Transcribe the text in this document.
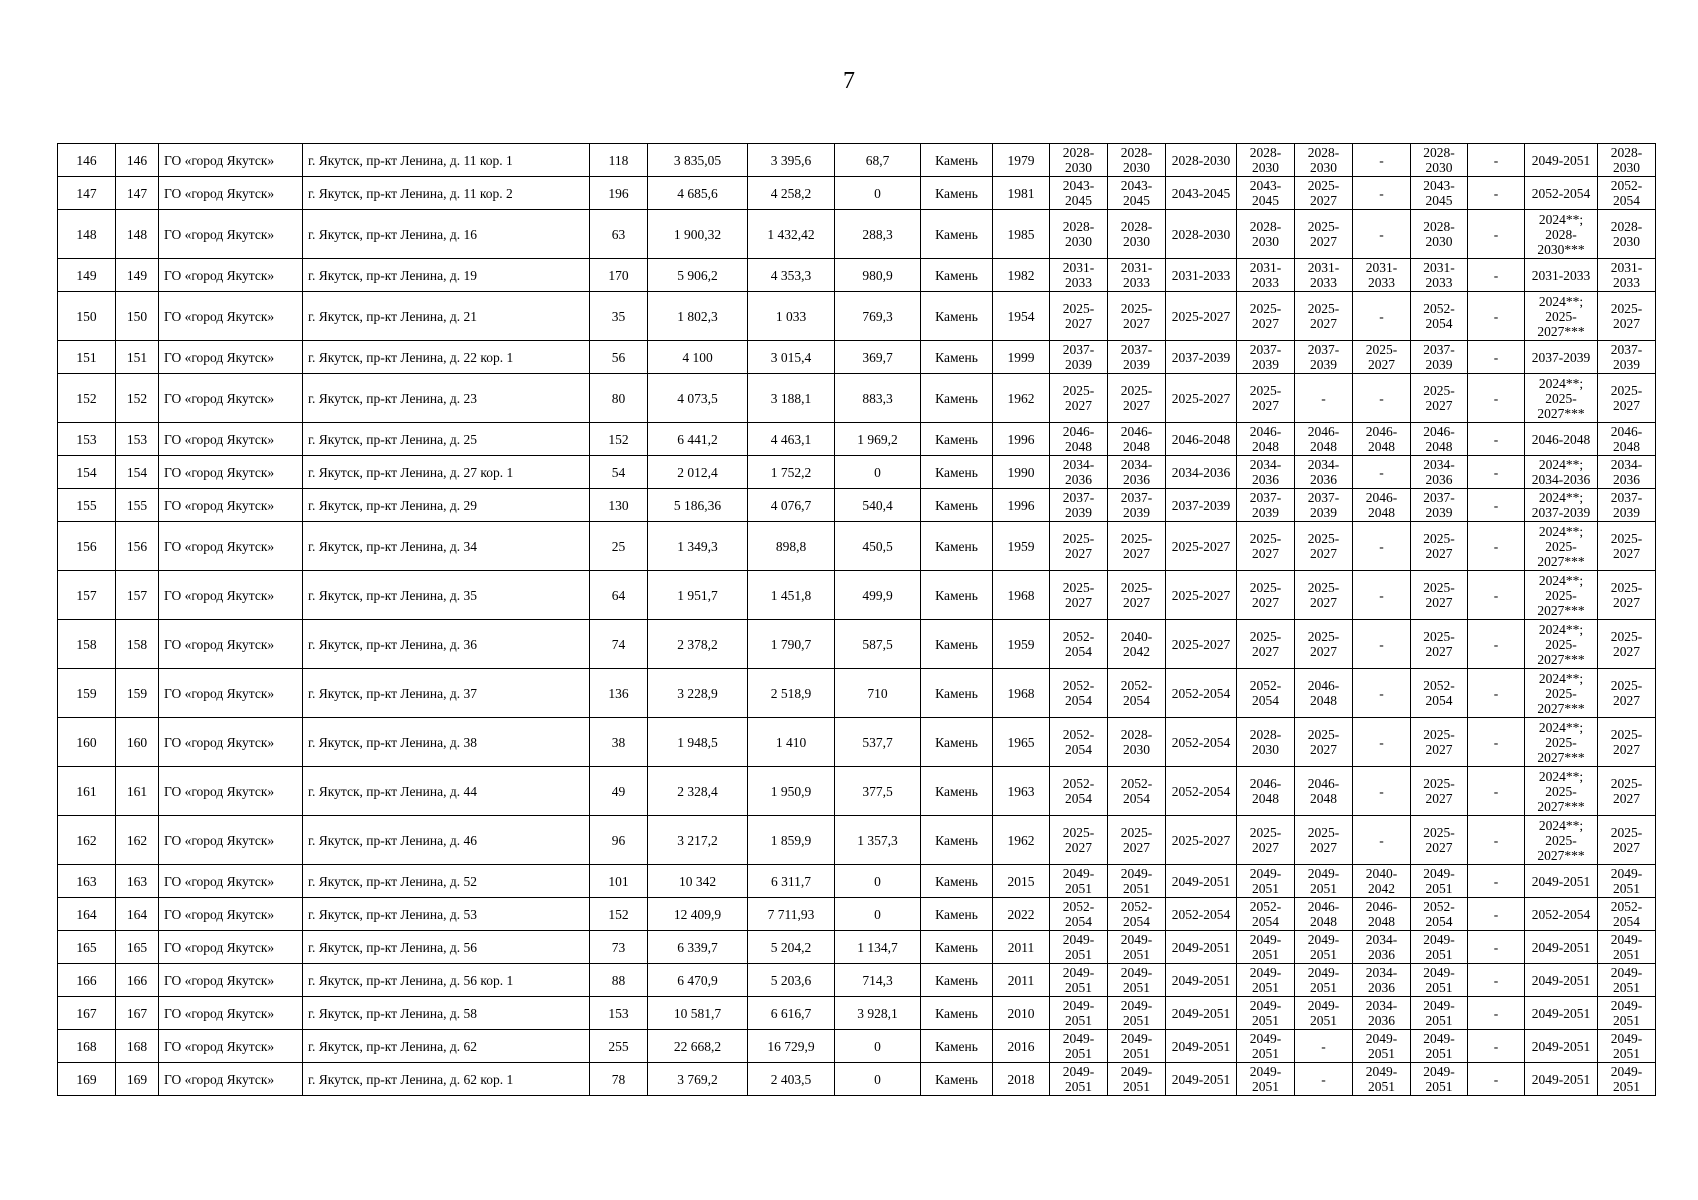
7
146	146	ГО «город Якутск»	г. Якутск, пр-кт Ленина, д. 11 кор. 1	118	3 835,05	3 395,6	68,7	Камень	1979	2028-2030	2028-2030	2028-2030	2028-2030	2028-2030	-	2028-2030	-	2049-2051	2028-2030
147	147	ГО «город Якутск»	г. Якутск, пр-кт Ленина, д. 11 кор. 2	196	4 685,6	4 258,2	0	Камень	1981	2043-2045	2043-2045	2043-2045	2043-2045	2025-2027	-	2043-2045	-	2052-2054	2052-2054
148	148	ГО «город Якутск»	г. Якутск, пр-кт Ленина, д. 16	63	1 900,32	1 432,42	288,3	Камень	1985	2028-2030	2028-2030	2028-2030	2028-2030	2025-2027	-	2028-2030	-	2024**; 2028-2030***	2028-2030
149	149	ГО «город Якутск»	г. Якутск, пр-кт Ленина, д. 19	170	5 906,2	4 353,3	980,9	Камень	1982	2031-2033	2031-2033	2031-2033	2031-2033	2031-2033	2031-2033	2031-2033	-	2031-2033	2031-2033
150	150	ГО «город Якутск»	г. Якутск, пр-кт Ленина, д. 21	35	1 802,3	1 033	769,3	Камень	1954	2025-2027	2025-2027	2025-2027	2025-2027	2025-2027	-	2052-2054	-	2024**; 2025-2027***	2025-2027
151	151	ГО «город Якутск»	г. Якутск, пр-кт Ленина, д. 22 кор. 1	56	4 100	3 015,4	369,7	Камень	1999	2037-2039	2037-2039	2037-2039	2037-2039	2037-2039	2025-2027	2037-2039	-	2037-2039	2037-2039
152	152	ГО «город Якутск»	г. Якутск, пр-кт Ленина, д. 23	80	4 073,5	3 188,1	883,3	Камень	1962	2025-2027	2025-2027	2025-2027	2025-2027	-	-	2025-2027	-	2024**; 2025-2027***	2025-2027
153	153	ГО «город Якутск»	г. Якутск, пр-кт Ленина, д. 25	152	6 441,2	4 463,1	1 969,2	Камень	1996	2046-2048	2046-2048	2046-2048	2046-2048	2046-2048	2046-2048	2046-2048	-	2046-2048	2046-2048
154	154	ГО «город Якутск»	г. Якутск, пр-кт Ленина, д. 27 кор. 1	54	2 012,4	1 752,2	0	Камень	1990	2034-2036	2034-2036	2034-2036	2034-2036	2034-2036	-	2034-2036	-	2024**; 2034-2036	2034-2036
155	155	ГО «город Якутск»	г. Якутск, пр-кт Ленина, д. 29	130	5 186,36	4 076,7	540,4	Камень	1996	2037-2039	2037-2039	2037-2039	2037-2039	2037-2039	2046-2048	2037-2039	-	2024**; 2037-2039	2037-2039
156	156	ГО «город Якутск»	г. Якутск, пр-кт Ленина, д. 34	25	1 349,3	898,8	450,5	Камень	1959	2025-2027	2025-2027	2025-2027	2025-2027	2025-2027	-	2025-2027	-	2024**; 2025-2027***	2025-2027
157	157	ГО «город Якутск»	г. Якутск, пр-кт Ленина, д. 35	64	1 951,7	1 451,8	499,9	Камень	1968	2025-2027	2025-2027	2025-2027	2025-2027	2025-2027	-	2025-2027	-	2024**; 2025-2027***	2025-2027
158	158	ГО «город Якутск»	г. Якутск, пр-кт Ленина, д. 36	74	2 378,2	1 790,7	587,5	Камень	1959	2052-2054	2040-2042	2025-2027	2025-2027	2025-2027	-	2025-2027	-	2024**; 2025-2027***	2025-2027
159	159	ГО «город Якутск»	г. Якутск, пр-кт Ленина, д. 37	136	3 228,9	2 518,9	710	Камень	1968	2052-2054	2052-2054	2052-2054	2052-2054	2046-2048	-	2052-2054	-	2024**; 2025-2027***	2025-2027
160	160	ГО «город Якутск»	г. Якутск, пр-кт Ленина, д. 38	38	1 948,5	1 410	537,7	Камень	1965	2052-2054	2028-2030	2052-2054	2028-2030	2025-2027	-	2025-2027	-	2024**; 2025-2027***	2025-2027
161	161	ГО «город Якутск»	г. Якутск, пр-кт Ленина, д. 44	49	2 328,4	1 950,9	377,5	Камень	1963	2052-2054	2052-2054	2052-2054	2046-2048	2046-2048	-	2025-2027	-	2024**; 2025-2027***	2025-2027
162	162	ГО «город Якутск»	г. Якутск, пр-кт Ленина, д. 46	96	3 217,2	1 859,9	1 357,3	Камень	1962	2025-2027	2025-2027	2025-2027	2025-2027	2025-2027	-	2025-2027	-	2024**; 2025-2027***	2025-2027
163	163	ГО «город Якутск»	г. Якутск, пр-кт Ленина, д. 52	101	10 342	6 311,7	0	Камень	2015	2049-2051	2049-2051	2049-2051	2049-2051	2049-2051	2040-2042	2049-2051	-	2049-2051	2049-2051
164	164	ГО «город Якутск»	г. Якутск, пр-кт Ленина, д. 53	152	12 409,9	7 711,93	0	Камень	2022	2052-2054	2052-2054	2052-2054	2052-2054	2046-2048	2046-2048	2052-2054	-	2052-2054	2052-2054
165	165	ГО «город Якутск»	г. Якутск, пр-кт Ленина, д. 56	73	6 339,7	5 204,2	1 134,7	Камень	2011	2049-2051	2049-2051	2049-2051	2049-2051	2049-2051	2034-2036	2049-2051	-	2049-2051	2049-2051
166	166	ГО «город Якутск»	г. Якутск, пр-кт Ленина, д. 56 кор. 1	88	6 470,9	5 203,6	714,3	Камень	2011	2049-2051	2049-2051	2049-2051	2049-2051	2049-2051	2034-2036	2049-2051	-	2049-2051	2049-2051
167	167	ГО «город Якутск»	г. Якутск, пр-кт Ленина, д. 58	153	10 581,7	6 616,7	3 928,1	Камень	2010	2049-2051	2049-2051	2049-2051	2049-2051	2049-2051	2034-2036	2049-2051	-	2049-2051	2049-2051
168	168	ГО «город Якутск»	г. Якутск, пр-кт Ленина, д. 62	255	22 668,2	16 729,9	0	Камень	2016	2049-2051	2049-2051	2049-2051	2049-2051	-	2049-2051	2049-2051	-	2049-2051	2049-2051
169	169	ГО «город Якутск»	г. Якутск, пр-кт Ленина, д. 62 кор. 1	78	3 769,2	2 403,5	0	Камень	2018	2049-2051	2049-2051	2049-2051	2049-2051	-	2049-2051	2049-2051	-	2049-2051	2049-2051
